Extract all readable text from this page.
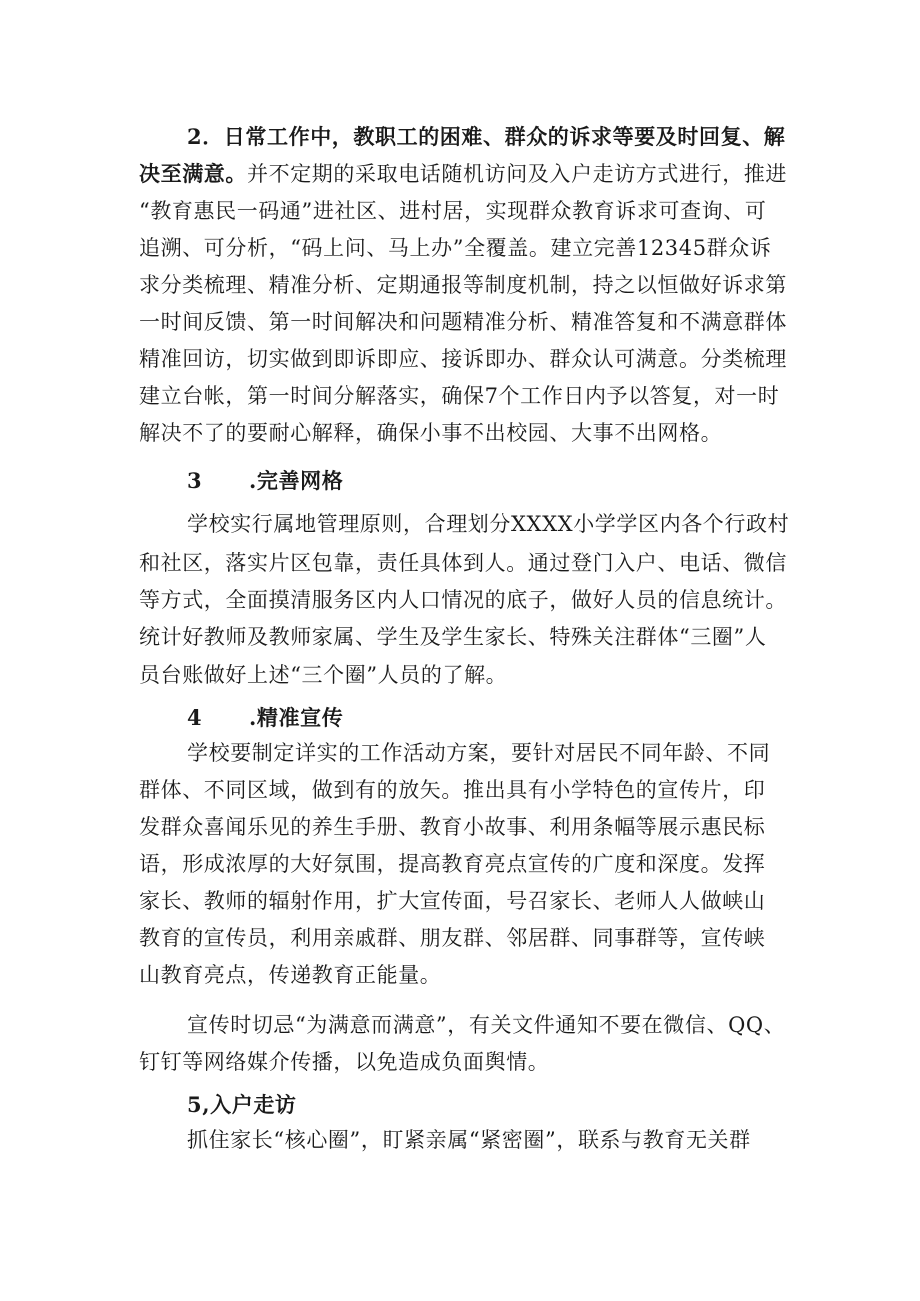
2．日常工作中，教职工的困难、群众的诉求等要及时回复、解
决至满意。并不定期的采取电话随机访问及入户走访方式进行，推进
“教育惠民一码通”进社区、进村居，实现群众教育诉求可查询、可
追溯、可分析，“码上问、马上办”全覆盖。建立完善12345群众诉
求分类梳理、精准分析、定期通报等制度机制，持之以恒做好诉求第
一时间反馈、第一时间解决和问题精准分析、精准答复和不满意群体
精准回访，切实做到即诉即应、接诉即办、群众认可满意。分类梳理
建立台帐，第一时间分解落实，确保7个工作日内予以答复，对一时
解决不了的要耐心解释，确保小事不出校园、大事不出网格。
3 .完善网格
学校实行属地管理原则，合理划分XXXX小学学区内各个行政村
和社区，落实片区包靠，责任具体到人。通过登门入户、电话、微信
等方式，全面摸清服务区内人口情况的底子，做好人员的信息统计。
统计好教师及教师家属、学生及学生家长、特殊关注群体“三圈”人
员台账做好上述“三个圈”人员的了解。
4 .精准宣传
学校要制定详实的工作活动方案，要针对居民不同年龄、不同
群体、不同区域，做到有的放矢。推出具有小学特色的宣传片，印
发群众喜闻乐见的养生手册、教育小故事、利用条幅等展示惠民标
语，形成浓厚的大好氛围，提高教育亮点宣传的广度和深度。发挥
家长、教师的辐射作用，扩大宣传面，号召家长、老师人人做峡山
教育的宣传员，利用亲戚群、朋友群、邻居群、同事群等，宣传峡
山教育亮点，传递教育正能量。
宣传时切忌“为满意而满意”，有关文件通知不要在微信、QQ、
钉钉等网络媒介传播，以免造成负面舆情。
5,入户走访
抓住家长“核心圈”，盯紧亲属“紧密圈”，联系与教育无关群
